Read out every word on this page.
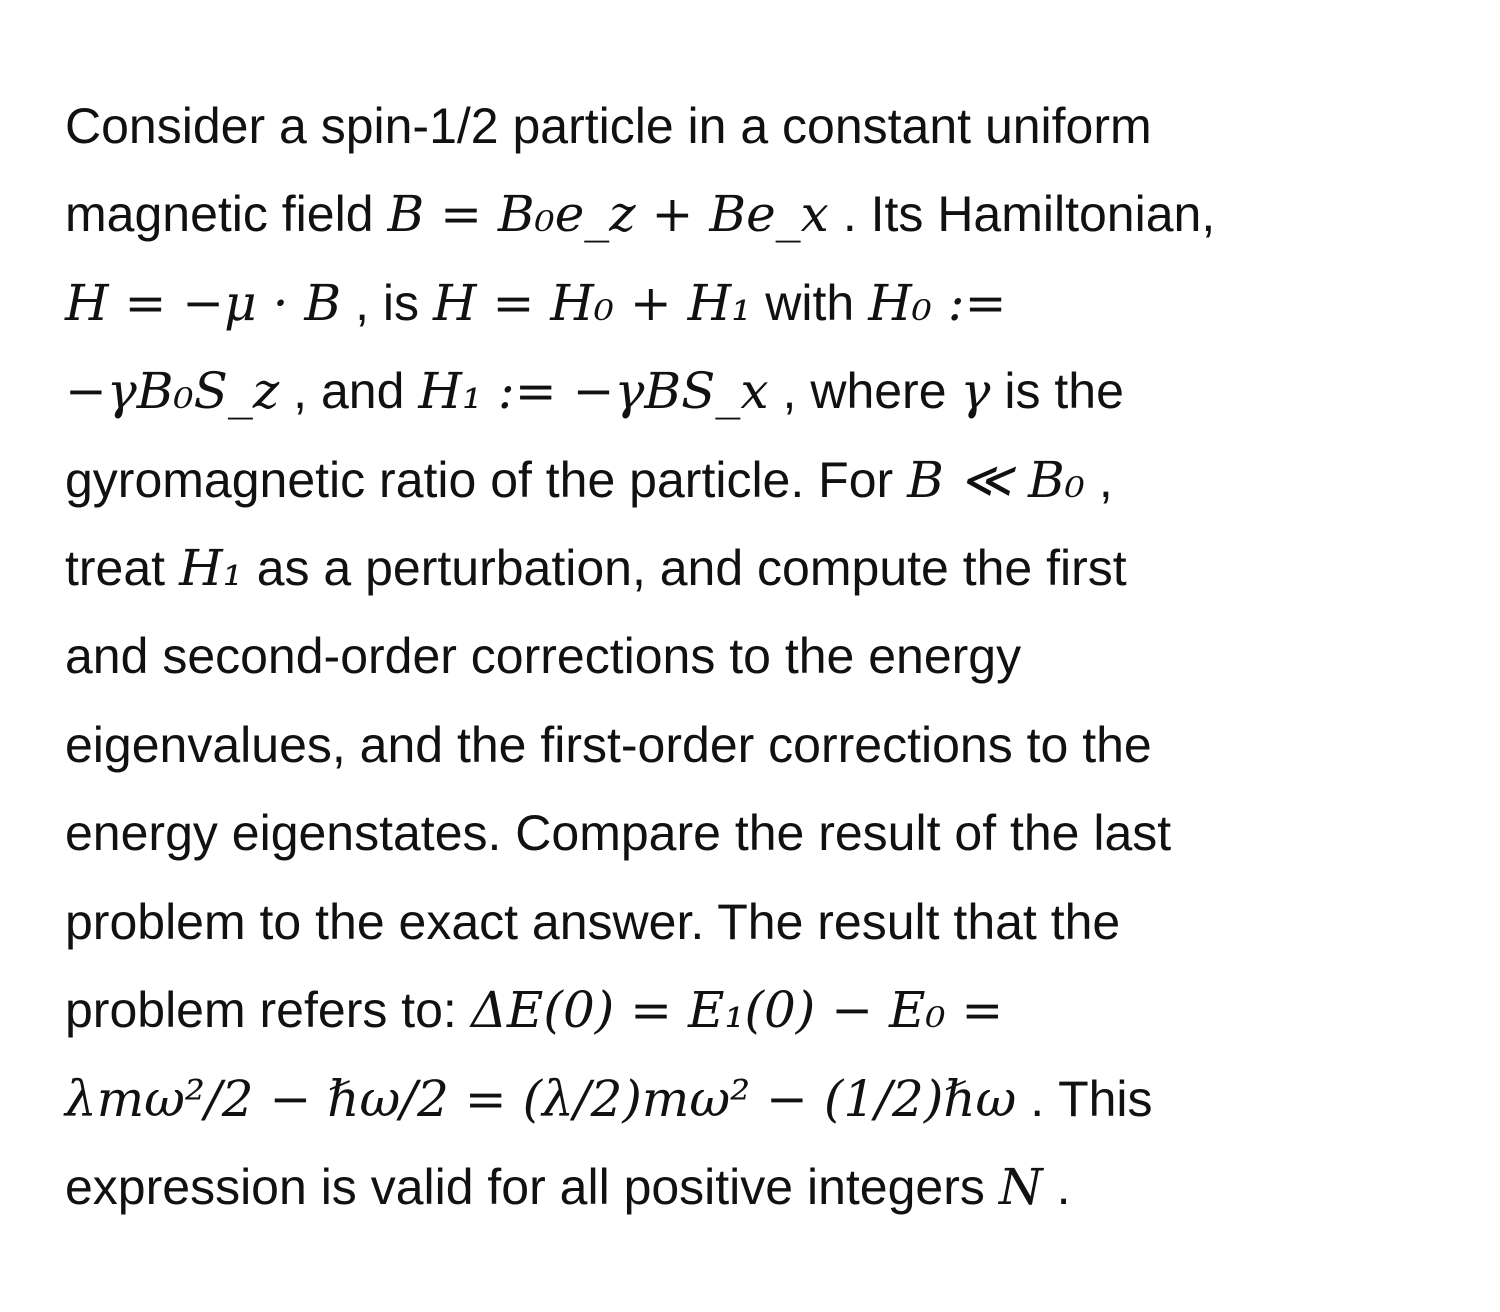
Consider a spin-1/2 particle in a constant uniform
magnetic field B = B₀e_z + Be_x . Its Hamiltonian,
H = −μ · B , is H = H₀ + H₁ with H₀ :=
−γB₀S_z , and H₁ := −γBS_x , where γ is the
gyromagnetic ratio of the particle. For B ≪ B₀ ,
treat H₁ as a perturbation, and compute the first
and second-order corrections to the energy
eigenvalues, and the first-order corrections to the
energy eigenstates. Compare the result of the last
problem to the exact answer. The result that the
problem refers to: ΔE(0) = E₁(0) − E₀ =
λmω²/2 − ℏω/2 = (λ/2)mω² − (1/2)ℏω . This
expression is valid for all positive integers N .
